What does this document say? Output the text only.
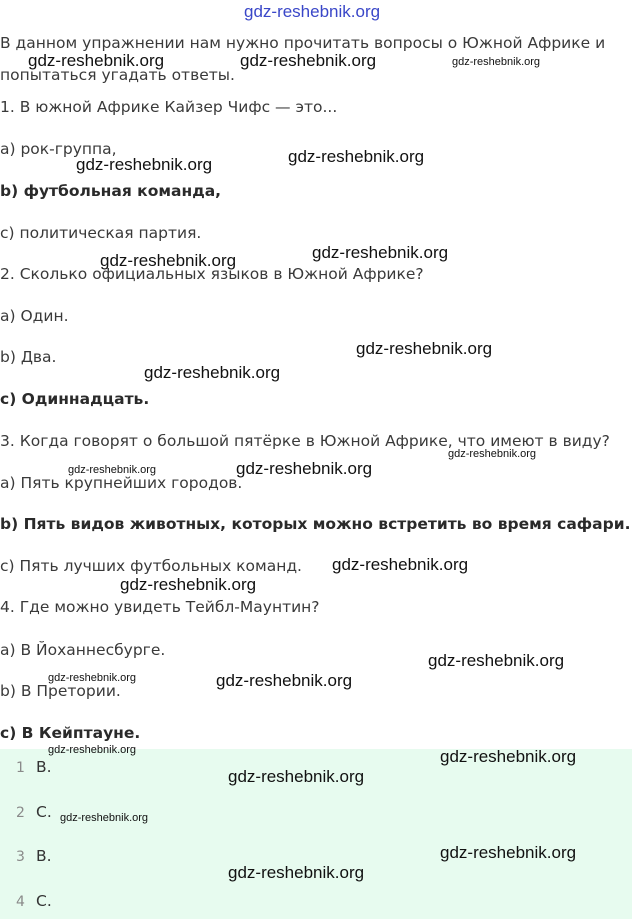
gdz-reshebnik.org
В данном упражнении нам нужно прочитать вопросы о Южной Африке и
попытаться угадать ответы.
1. В южной Африке Кайзер Чифс — это...
а) рок-группа,
b) футбольная команда,
с) политическая партия.
2. Сколько официальных языков в Южной Африке?
а) Один.
b) Два.
c) Одиннадцать.
3. Когда говорят о большой пятёрке в Южной Африке, что имеют в виду?
а) Пять крупнейших городов.
b) Пять видов животных, которых можно встретить во время сафари.
с) Пять лучших футбольных команд.
4. Где можно увидеть Тейбл-Маунтин?
а) В Йоханнесбурге.
b) В Претории.
с) В Кейптауне.
1 B.
2 C.
3 B.
4 C.
gdz-reshebnik.org	gdz-reshebnik.org	gdz-reshebnik.org
gdz-reshebnik.org	gdz-reshebnik.org
gdz-reshebnik.org	gdz-reshebnik.org
gdz-reshebnik.org
gdz-reshebnik.org
gdz-reshebnik.org
gdz-reshebnik.org	gdz-reshebnik.org
gdz-reshebnik.org
gdz-reshebnik.org
gdz-reshebnik.org
gdz-reshebnik.org	gdz-reshebnik.org
gdz-reshebnik.org	gdz-reshebnik.org
gdz-reshebnik.org
gdz-reshebnik.org
gdz-reshebnik.org
gdz-reshebnik.org
